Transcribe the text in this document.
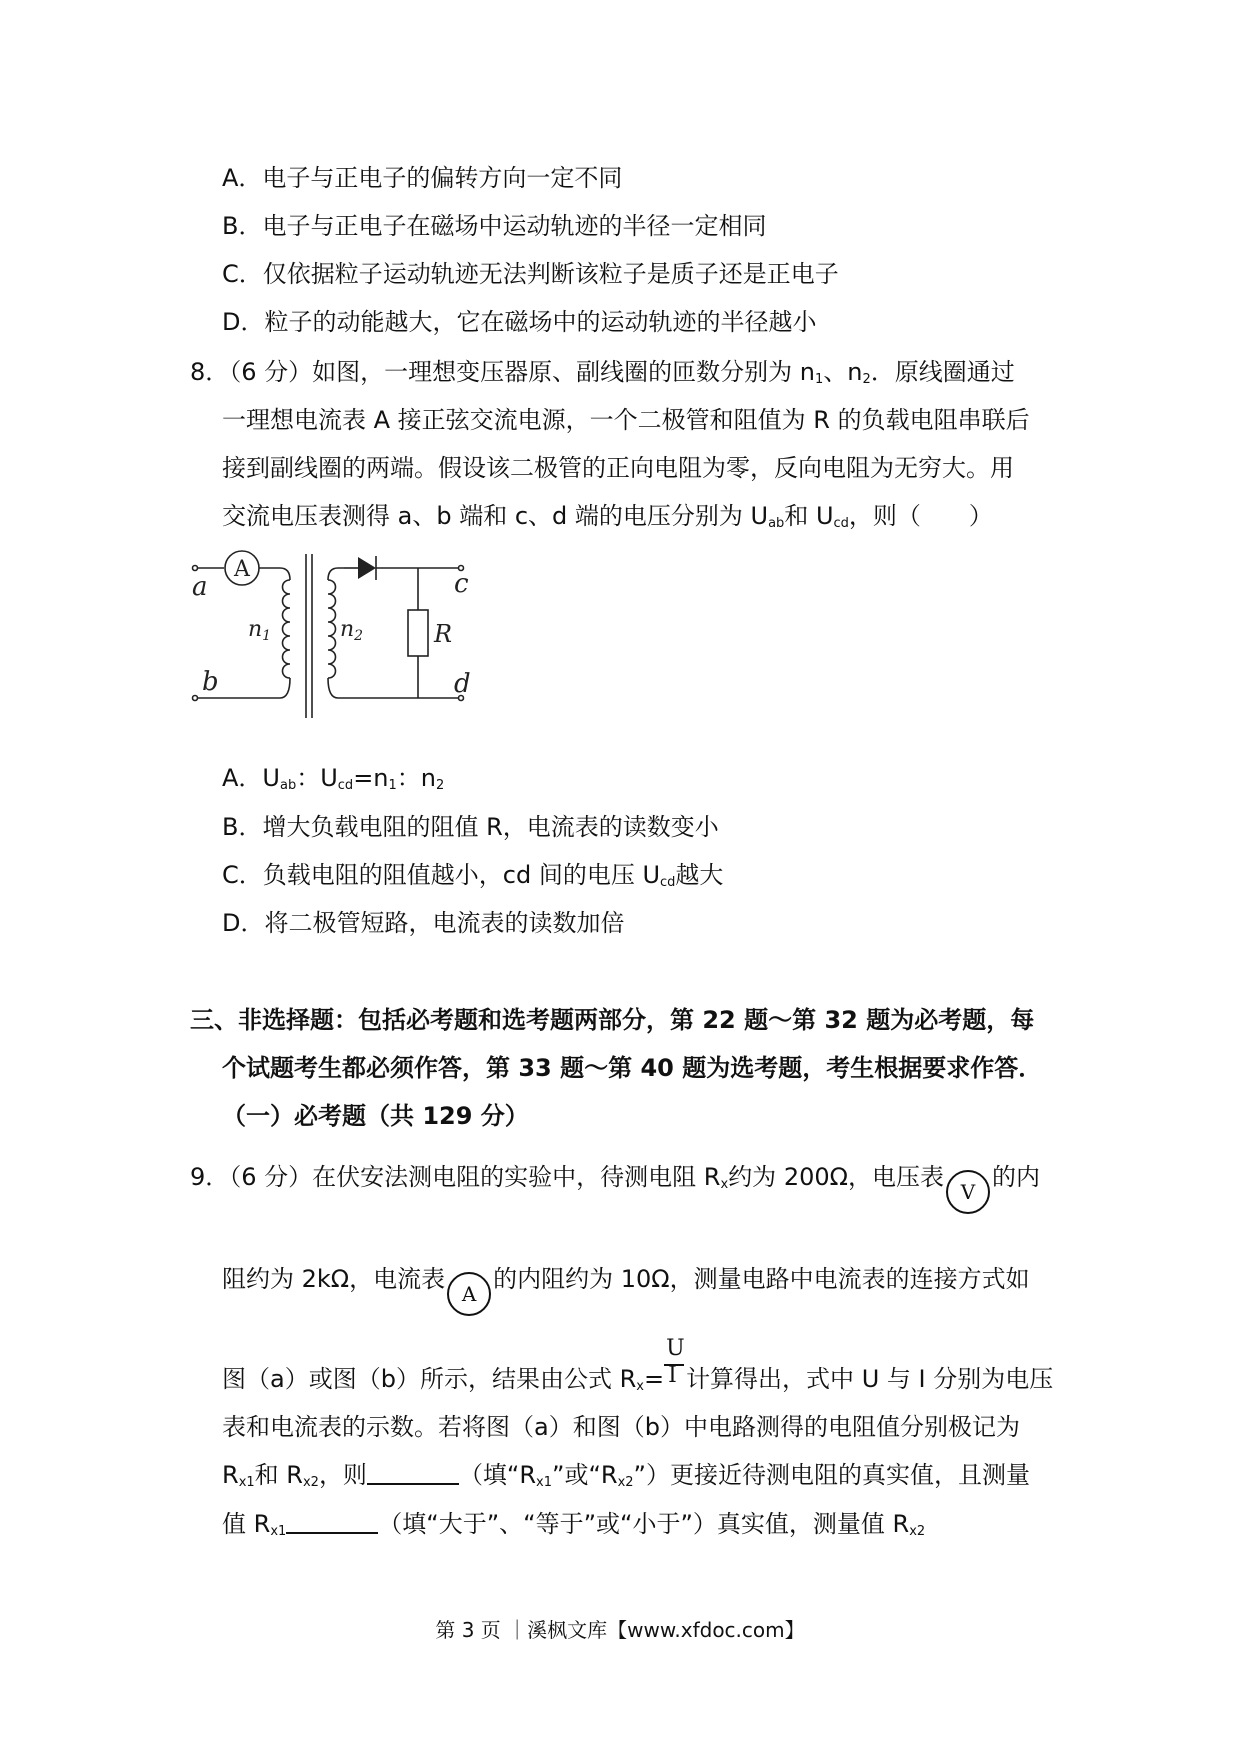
A．电子与正电子的偏转方向一定不同
B．电子与正电子在磁场中运动轨迹的半径一定相同
C．仅依据粒子运动轨迹无法判断该粒子是质子还是正电子
D．粒子的动能越大，它在磁场中的运动轨迹的半径越小
8．（6 分）如图，一理想变压器原、副线圈的匝数分别为 $n_1$、$n_2$．原线圈通过
一理想电流表 A 接正弦交流电源，一个二极管和阻值为 R 的负载电阻串联后
接到副线圈的两端。假设该二极管的正向电阻为零，反向电阻为无穷大。用
交流电压表测得 a、b 端和 c、d 端的电压分别为 $U_{ab}$和 $U_{cd}$，则（　　）
a
b
c
d
R
n1	n2
A
A．$U_{ab}$：$U_{cd}=n_1$：$n_2$
B．增大负载电阻的阻值 R，电流表的读数变小
C．负载电阻的阻值越小，cd 间的电压 $U_{cd}$越大
D．将二极管短路，电流表的读数加倍
三、非选择题：包括必考题和选考题两部分，第 22 题～第 32 题为必考题，每
个试题考生都必须作答，第 33 题～第 40 题为选考题，考生根据要求作答．
（一）必考题（共 129 分）
9．（6 分）在伏安法测电阻的实验中，待测电阻 $R_x$约为 200Ω，电压表V的内
阻约为 2kΩ，电流表A的内阻约为 10Ω，测量电路中电流表的连接方式如
图（a）或图（b）所示，结果由公式 $R_x= \frac{U}{I}$ 计算得出，式中 U 与 I 分别为电压
表和电流表的示数。若将图（a）和图（b）中电路测得的电阻值分别极记为
$R_{x1}$和 $R_{x2}$，则	（填“$R_{x1}$”或“$R_{x2}$”）更接近待测电阻的真实值，且测量
值 $R_{x1}$	（填“大于”、“等于”或“小于”）真实值，测量值 $R_{x2}$
第 3 页 ｜溪枫文库【www.xfdoc.com】
